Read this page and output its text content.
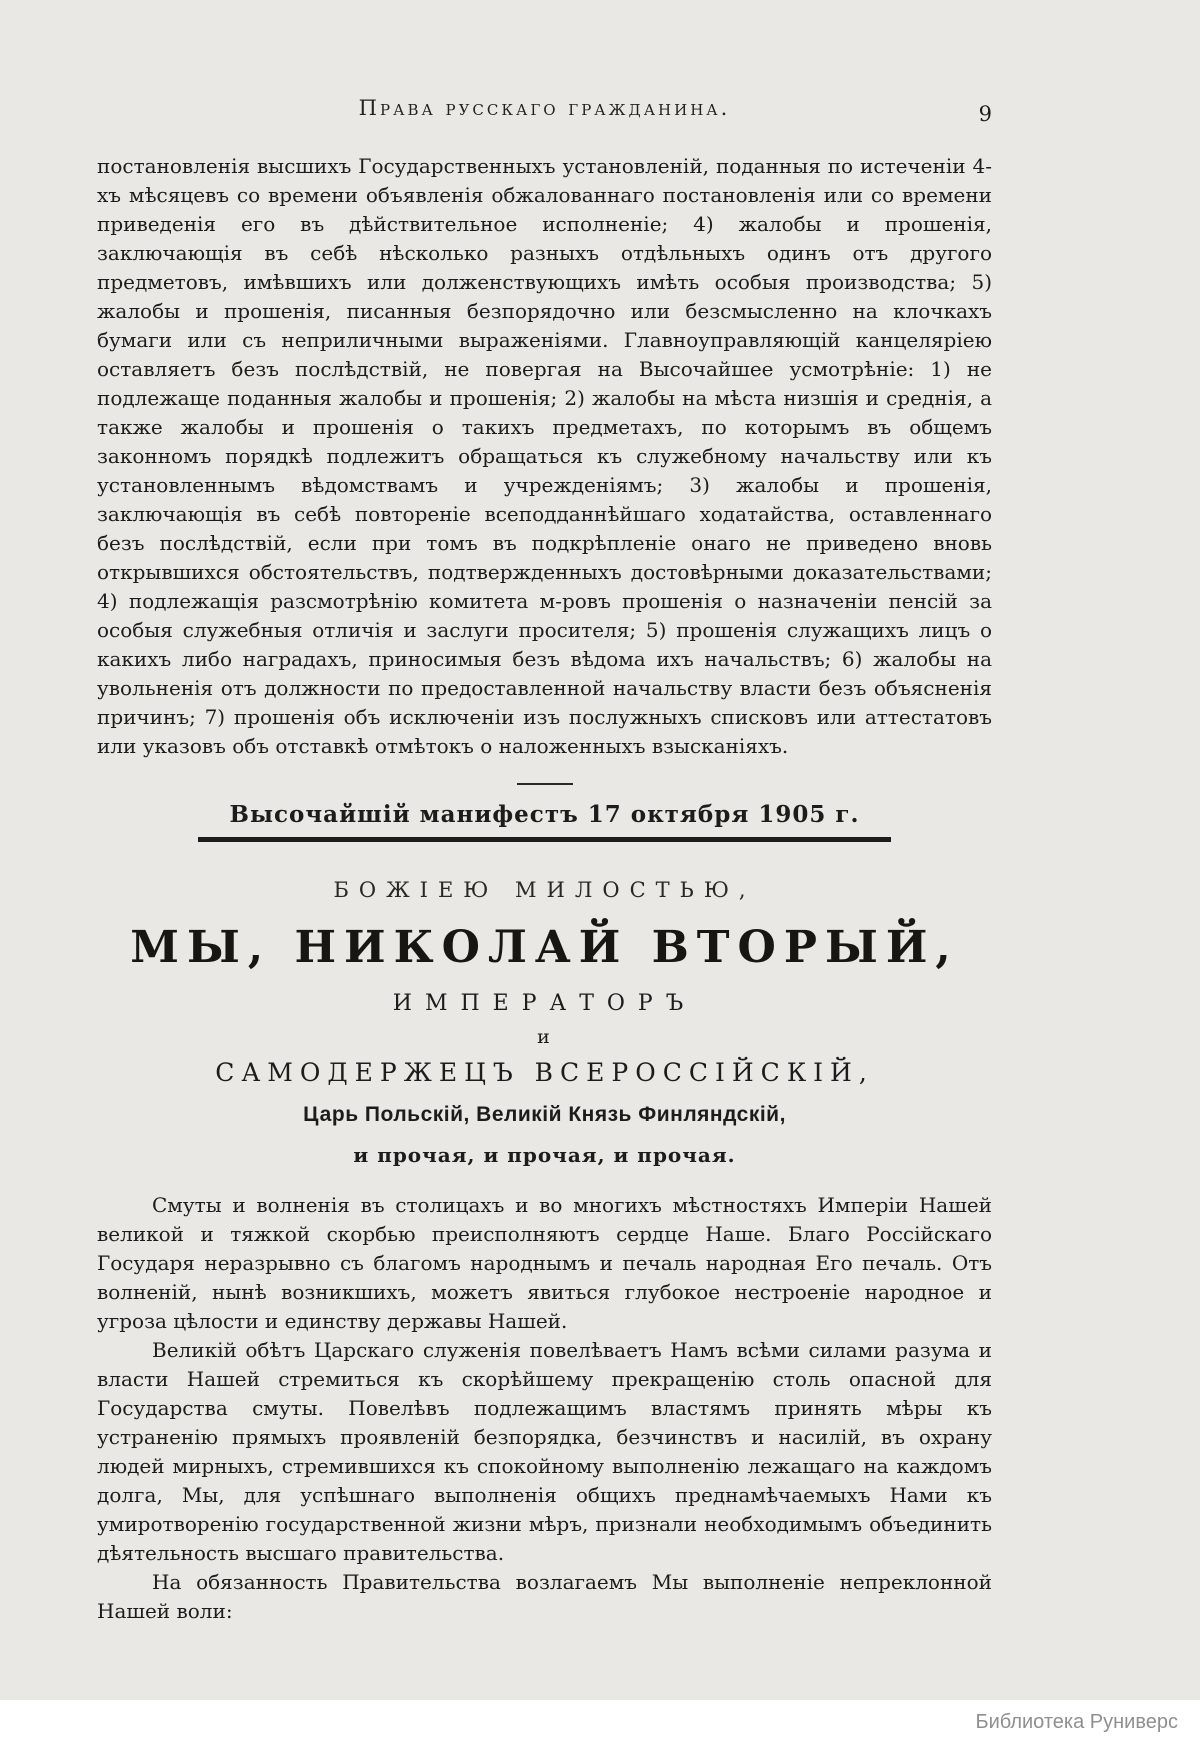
Права русскаго гражданина.	9

постановленія высшихъ Государственныхъ установленій, поданныя по истеченіи 4-хъ мѣсяцевъ со времени объявленія обжалованнаго постановленія или со времени приведенія его въ дѣйствительное исполненіе; 4) жалобы и прошенія, заключающія въ себѣ нѣсколько разныхъ отдѣльныхъ одинъ отъ другого предметовъ, имѣвшихъ или долженствующихъ имѣть особыя производства; 5) жалобы и прошенія, писанныя безпорядочно или безсмысленно на клочкахъ бумаги или съ неприличными выраженіями. Главноуправляющій канцеляріею оставляетъ безъ послѣдствій, не повергая на Высочайшее усмотрѣніе: 1) не подлежаще поданныя жалобы и прошенія; 2) жалобы на мѣста низшія и среднія, а также жалобы и прошенія о такихъ предметахъ, по которымъ въ общемъ законномъ порядкѣ подлежитъ обращаться къ служебному начальству или къ установленнымъ вѣдомствамъ и учрежденіямъ; 3) жалобы и прошенія, заключающія въ себѣ повтореніе всеподданнѣйшаго ходатайства, оставленнаго безъ послѣдствій, если при томъ въ подкрѣпленіе онаго не приведено вновь открывшихся обстоятельствъ, подтвержденныхъ достовѣрными доказательствами; 4) подлежащія разсмотрѣнію комитета м-ровъ прошенія о назначеніи пенсій за особыя служебныя отличія и заслуги просителя; 5) прошенія служащихъ лицъ о какихъ либо наградахъ, приносимыя безъ вѣдома ихъ начальствъ; 6) жалобы на увольненія отъ должности по предоставленной начальству власти безъ объясненія причинъ; 7) прошенія объ исключеніи изъ послужныхъ списковъ или аттестатовъ или указовъ объ отставкѣ отмѣтокъ о наложенныхъ взысканіяхъ.

Высочайшій манифестъ 17 октября 1905 г.
БОЖІЕЮ МИЛОСТЬЮ,
МЫ, НИКОЛАЙ ВТОРЫЙ,
ИМПЕРАТОРЪ
и
САМОДЕРЖЕЦЪ ВСЕРОССІЙСКІЙ,
Царь Польскій, Великій Князь Финляндскій,
и прочая, и прочая, и прочая.

Смуты и волненія въ столицахъ и во многихъ мѣстностяхъ Имперіи Нашей великой и тяжкой скорбью преисполняютъ сердце Наше. Благо Россійскаго Государя неразрывно съ благомъ народнымъ и печаль народная Его печаль. Отъ волненій, нынѣ возникшихъ, можетъ явиться глубокое нестроеніе народное и угроза цѣлости и единству державы Нашей.

Великій обѣтъ Царскаго служенія повелѣваетъ Намъ всѣми силами разума и власти Нашей стремиться къ скорѣйшему прекращенію столь опасной для Государства смуты. Повелѣвъ подлежащимъ властямъ принять мѣры къ устраненію прямыхъ проявленій безпорядка, безчинствъ и насилій, въ охрану людей мирныхъ, стремившихся къ спокойному выполненію лежащаго на каждомъ долга, Мы, для успѣшнаго выполненія общихъ преднамѣчаемыхъ Нами къ умиротворенію государственной жизни мѣръ, признали необходимымъ объединить дѣятельность высшаго правительства.

На обязанность Правительства возлагаемъ Мы выполненіе непреклонной Нашей воли:

Библиотека Руниверс
